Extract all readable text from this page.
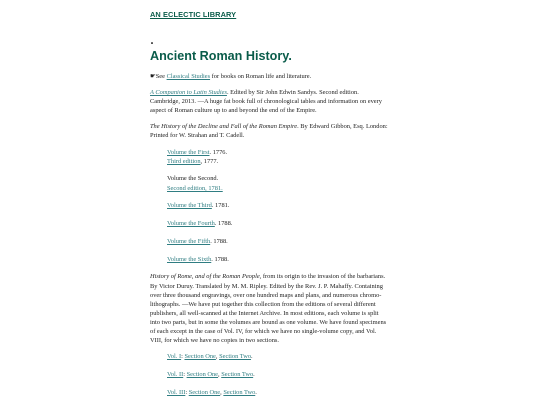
AN ECLECTIC LIBRARY
.
Ancient Roman History.

☛See Classical Studies for books on Roman life and literature.

A Companion to Latin Studies. Edited by Sir John Edwin Sandys. Second edition. Cambridge, 2013. —A huge fat book full of chronological tables and information on every aspect of Roman culture up to and beyond the end of the Empire.

The History of the Decline and Fall of the Roman Empire. By Edward Gibbon, Esq. London: Printed for W. Strahan and T. Cadell.

Volume the First. 1776.
Third edition, 1777.

Volume the Second.
Second edition, 1781.

Volume the Third. 1781.

Volume the Fourth. 1788.

Volume the Fifth. 1788.

Volume the Sixth. 1788.

History of Rome, and of the Roman People, from its origin to the invasion of the barbarians. By Victor Duruy. Translated by M. M. Ripley. Edited by the Rev. J. P. Mahaffy. Containing over three thousand engravings, over one hundred maps and plans, and numerous chromo-lithographs. —We have put together this collection from the editions of several different publishers, all well-scanned at the Internet Archive. In most editions, each volume is split into two parts, but in some the volumes are bound as one volume. We have found specimens of each except in the case of Vol. IV, for which we have no single-volume copy, and Vol. VIII, for which we have no copies in two sections.

Vol. I: Section One, Section Two.

Vol. II: Section One, Section Two.

Vol. III: Section One, Section Two.
